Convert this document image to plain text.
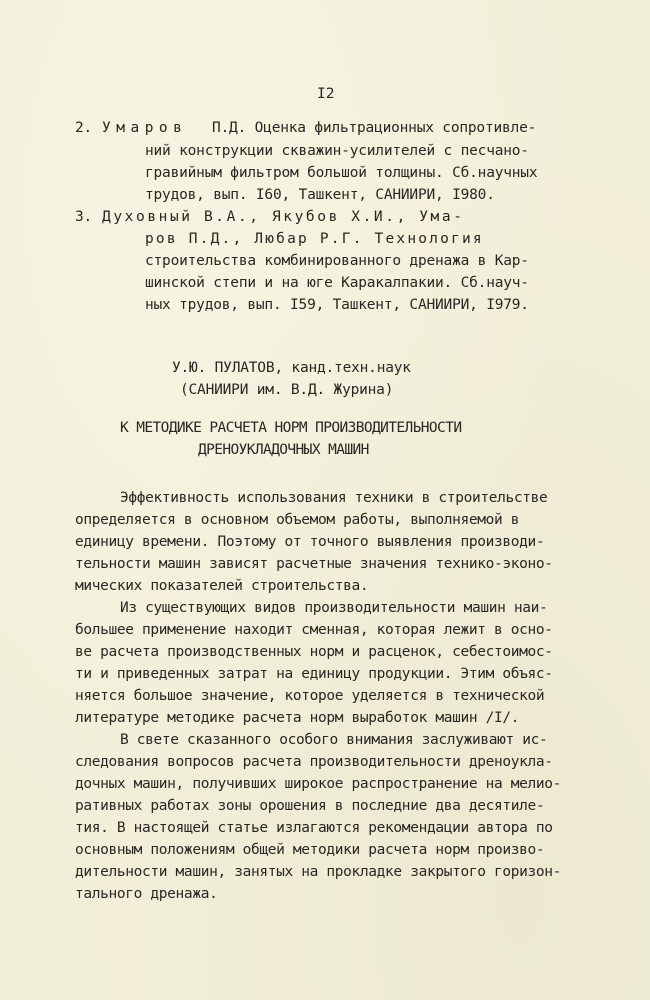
I2
2. Умаров П.Д. Оценка фильтрационных сопротивле-
ний конструкции скважин-усилителей с песчано-
гравийным фильтром большой толщины. Сб.научных
трудов, вып. I60, Ташкент, САНИИРИ, I980.
3. Духовный В.А., Якубов Х.И., Ума-
ров П.Д., Любар Р.Г. Технология
строительства комбинированного дренажа в Кар-
шинской степи и на юге Каракалпакии. Сб.науч-
ных трудов, вып. I59, Ташкент, САНИИРИ, I979.
У.Ю. ПУЛАТОВ, канд.техн.наук
(САНИИРИ им. В.Д. Журина)
К МЕТОДИКЕ РАСЧЕТА НОРМ ПРОИЗВОДИТЕЛЬНОСТИ
ДРЕНОУКЛАДОЧНЫХ МАШИН
Эффективность использования техники в строительстве
определяется в основном объемом работы, выполняемой в
единицу времени. Поэтому от точного выявления производи-
тельности машин зависят расчетные значения технико-эконо-
мических показателей строительства.
Из существующих видов производительности машин наи-
большее применение находит сменная, которая лежит в осно-
ве расчета производственных норм и расценок, себестоимос-
ти и приведенных затрат на единицу продукции. Этим объяс-
няется большое значение, которое уделяется в технической
литературе методике расчета норм выработок машин /I/.
В свете сказанного особого внимания заслуживают ис-
следования вопросов расчета производительности дреноукла-
дочных машин, получивших широкое распространение на мелио-
ративных работах зоны орошения в последние два десятиле-
тия. В настоящей статье излагаются рекомендации автора по
основным положениям общей методики расчета норм произво-
дительности машин, занятых на прокладке закрытого горизон-
тального дренажа.
